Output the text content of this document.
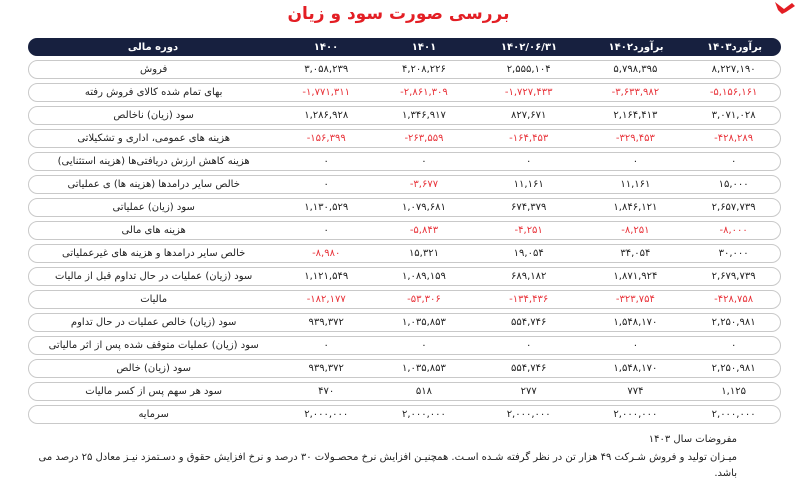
بررسی صورت سود و زیان
دوره مالی	۱۴۰۰	۱۴۰۱	۱۴۰۲/۰۶/۳۱	۱۴۰۲برآورد	۱۴۰۳برآورد
فروش	۳,۰۵۸,۲۳۹	۴,۲۰۸,۲۲۶	۲,۵۵۵,۱۰۴	۵,۷۹۸,۳۹۵	۸,۲۲۷,۱۹۰
بهای تمام شده کالای فروش رفته	-۱,۷۷۱,۳۱۱	-۲,۸۶۱,۳۰۹	-۱,۷۲۷,۴۳۳	-۳,۶۳۳,۹۸۲	-۵,۱۵۶,۱۶۱
سود (زیان) ناخالص	۱,۲۸۶,۹۲۸	۱,۳۴۶,۹۱۷	۸۲۷,۶۷۱	۲,۱۶۴,۴۱۳	۳,۰۷۱,۰۲۸
هزینه های عمومی، اداری و تشکیلاتی	-۱۵۶,۳۹۹	-۲۶۳,۵۵۹	-۱۶۴,۴۵۳	-۳۲۹,۴۵۳	-۴۲۸,۲۸۹
هزینه کاهش ارزش دریافتی‌ها (هزینه استثنایی)	۰	۰	۰	۰	۰
خالص سایر درامدها (هزینه ها) ی عملیاتی	۰	-۳,۶۷۷	۱۱,۱۶۱	۱۱,۱۶۱	۱۵,۰۰۰
سود (زیان) عملیاتی	۱,۱۳۰,۵۲۹	۱,۰۷۹,۶۸۱	۶۷۴,۳۷۹	۱,۸۴۶,۱۲۱	۲,۶۵۷,۷۳۹
هزینه های مالی	۰	-۵,۸۴۳	-۴,۲۵۱	-۸,۲۵۱	-۸,۰۰۰
خالص سایر درامدها و هزینه های غیرعملیاتی	-۸,۹۸۰	۱۵,۳۲۱	۱۹,۰۵۴	۳۴,۰۵۴	۳۰,۰۰۰
سود (زیان) عملیات در حال تداوم قبل از مالیات	۱,۱۲۱,۵۴۹	۱,۰۸۹,۱۵۹	۶۸۹,۱۸۲	۱,۸۷۱,۹۲۴	۲,۶۷۹,۷۳۹
مالیات	-۱۸۲,۱۷۷	-۵۳,۳۰۶	-۱۳۴,۴۳۶	-۳۲۳,۷۵۴	-۴۲۸,۷۵۸
سود (زیان) خالص عملیات در حال تداوم	۹۳۹,۳۷۲	۱,۰۳۵,۸۵۳	۵۵۴,۷۴۶	۱,۵۴۸,۱۷۰	۲,۲۵۰,۹۸۱
سود (زیان) عملیات متوقف شده پس از اثر مالیاتی	۰	۰	۰	۰	۰
سود (زیان) خالص	۹۳۹,۳۷۲	۱,۰۳۵,۸۵۳	۵۵۴,۷۴۶	۱,۵۴۸,۱۷۰	۲,۲۵۰,۹۸۱
سود هر سهم پس از کسر مالیات	۴۷۰	۵۱۸	۲۷۷	۷۷۴	۱,۱۲۵
سرمایه	۲,۰۰۰,۰۰۰	۲,۰۰۰,۰۰۰	۲,۰۰۰,۰۰۰	۲,۰۰۰,۰۰۰	۲,۰۰۰,۰۰۰
مفروضات سال ۱۴۰۳
میـزان تولید و فروش شـرکت ۴۹ هزار تن در نظر گرفته شـده اسـت. همچنیـن افزایش نرخ محصـولات ۳۰ درصد و نرخ افزایش حقوق و دسـتمزد نیـز معادل ۲۵ درصد می باشد.
